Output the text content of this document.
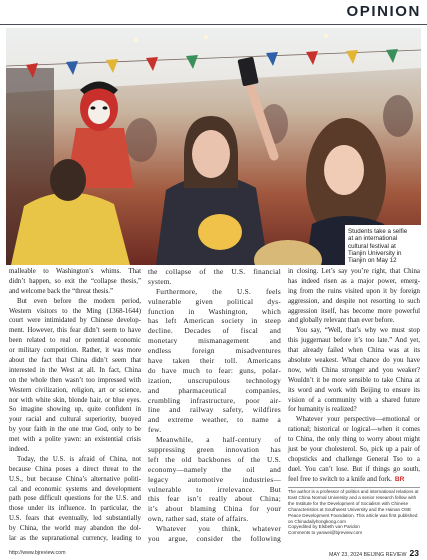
OPINION
Students take a selfie
at an international
cultural festival at
Tianjin University in
Tianjin on May 12
malleable to Washington’s whims. That
didn’t happen, so exit the “collapse thesis,”
and welcome back the “threat thesis.”
But even before the modern period,
Western visitors to the Ming (1368-1644)
court were intimidated by Chinese develop-
ment. However, this fear didn’t seem to have
been related to real or potential economic
or military competition. Rather, it was more
about the fact that China didn’t seem that
interested in the West at all. In fact, China
on the whole then wasn’t too impressed with
Western civilization, religion, art or science,
nor with white skin, blonde hair, or blue eyes.
So imagine showing up, quite confident in
your racial and cultural superiority, buoyed
by your faith in the one true God, only to be
met with a polite yawn: an existential crisis
indeed.
Today, the U.S. is afraid of China, not
because China poses a direct threat to the
U.S., but because China’s alternative politi-
cal and economic systems and development
path pose difficult questions for the U.S. and
those under its influence. In particular, the
U.S. fears that eventually, led substantially
by China, the world may abandon the dol-
lar as the supranational currency, leading to
the collapse of the U.S. financial
system.
Furthermore, the U.S. feels
vulnerable given political dys-
function in Washington, which
has left American society in steep
decline. Decades of fiscal and
monetary mismanagement and
endless foreign misadventures
have taken their toll. Americans
do have much to fear: guns, polar-
ization, unscrupulous technology
and pharmaceutical companies,
crumbling infrastructure, poor air-
line and railway safety, wildfires
and extreme weather, to name a
few.
Meanwhile, a half-century of
suppressing green innovation has
left the old backbones of the U.S.
economy—namely the oil and
legacy automotive industries—
vulnerable to irrelevance. But
this fear isn’t really about China;
it’s about blaming China for your
own, rather sad, state of affairs.
Whatever you think, whatever
you argue, consider the following
in closing. Let’s say you’re right, that China
has indeed risen as a major power, emerg-
ing from the ruins visited upon it by foreign
aggression, and despite not resorting to such
aggression itself, has become more powerful
and globally relevant than ever before.
You say, “Well, that’s why we must stop
this juggernaut before it’s too late.” And yet,
that already failed when China was at its
absolute weakest. What chance do you have
now, with China stronger and you weaker?
Wouldn’t it be more sensible to take China at
its word and work with Beijing to ensure its
vision of a community with a shared future
for humanity is realized?
Whatever your perspective—emotional or
rational; historical or logical—when it comes
to China, the only thing to worry about might
just be your cholesterol. So, pick up a pair of
chopsticks and challenge General Tso to a
duel. You can’t lose. But if things go south,
feel free to switch to a knife and fork. BR
The author is a professor of politics and international relations at East China Normal University and a senior research fellow with the Institute for the Development of Socialism with Chinese Characteristics at Southwest University and the Hainan OSE Peace Development Foundation. This article was first published on Chinadailyhongkong.com
Copyedited by Elsbeth van Paridon
Comments to yanwei@bjreview.com
http://www.bjreview.com	MAY 23, 2024 BEIJING REVIEW 23
